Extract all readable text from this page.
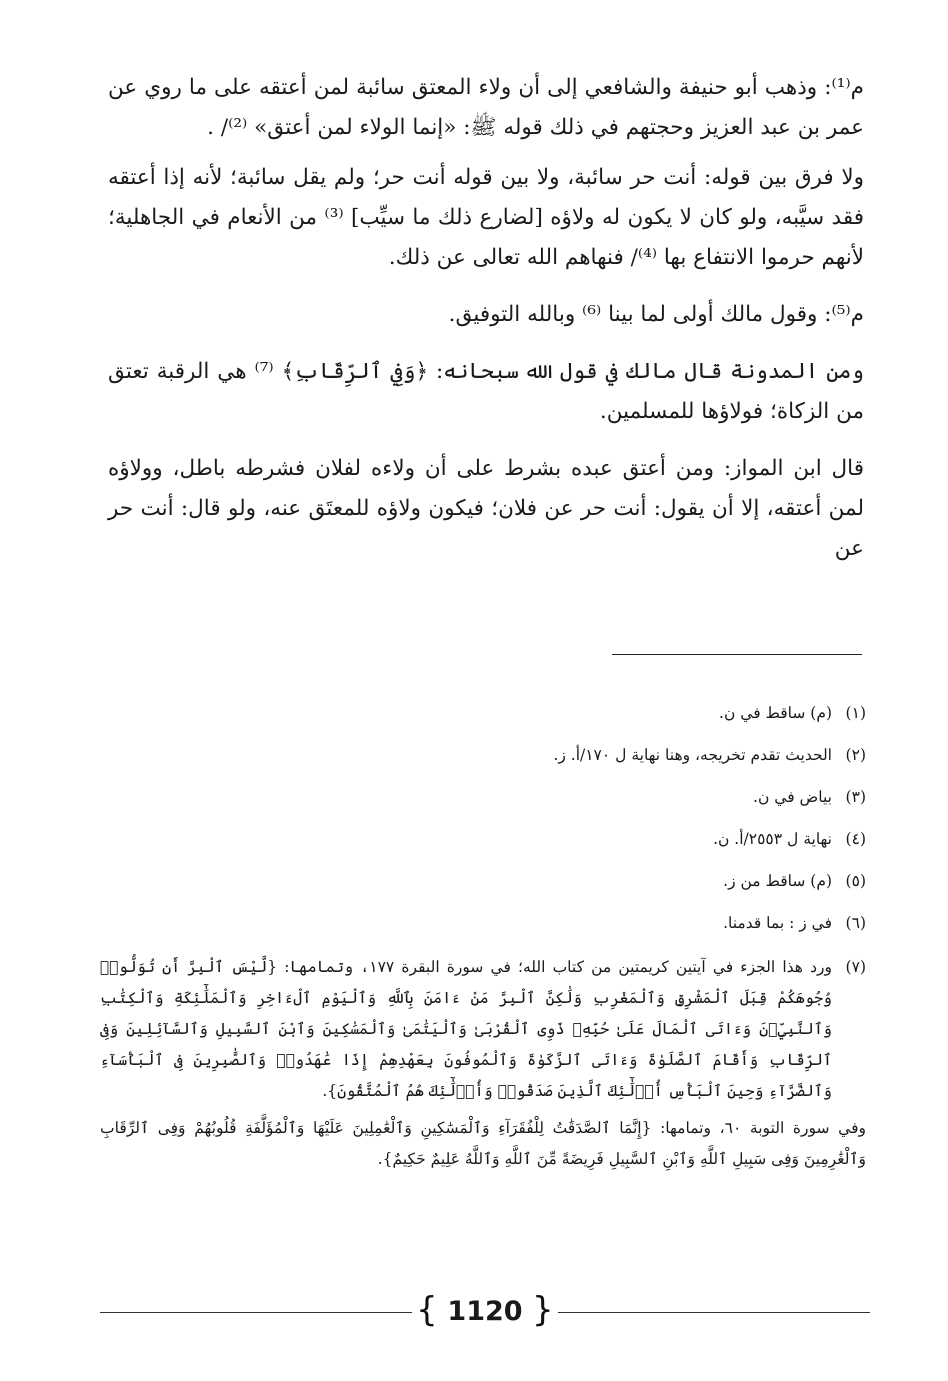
م⁽¹⁾: وذهب أبو حنيفة والشافعي إلى أن ولاء المعتق سائبة لمن أعتقه على ما روي عن عمر بن عبد العزيز وحجتهم في ذلك قوله ﷺ: «إنما الولاء لمن أعتق» ⁽²⁾/ .

ولا فرق بين قوله: أنت حر سائبة، ولا بين قوله أنت حر؛ ولم يقل سائبة؛ لأنه إذا أعتقه فقد سيَّبه، ولو كان لا يكون له ولاؤه [لضارع ذلك ما سيِّب] ⁽³⁾ من الأنعام في الجاهلية؛ لأنهم حرموا الانتفاع بها ⁽⁴⁾/ فنهاهم الله تعالى عن ذلك.

م⁽⁵⁾: وقول مالك أولى لما بينا ⁽⁶⁾ وبالله التوفيق.

ومن المدونة قال مالك في قول الله سبحانه: ﴿وَفِي ٱلرِّقَابِ﴾ ⁽⁷⁾ هي الرقبة تعتق من الزكاة؛ فولاؤها للمسلمين.

قال ابن المواز: ومن أعتق عبده بشرط على أن ولاءه لفلان فشرطه باطل، وولاؤه لمن أعتقه، إلا أن يقول: أنت حر عن فلان؛ فيكون ولاؤه للمعتَق عنه، ولو قال: أنت حر عن

(١)
(م) ساقط في ن.
(٢)
الحديث تقدم تخريجه، وهنا نهاية ل ١٧٠/أ. ز.
(٣)
بياض في ن.
(٤)
نهاية ل ٢٥٥٣/أ. ن.
(٥)
(م) ساقط من ز.
(٦)
في ز : بما قدمنا.
(٧)
ورد هذا الجزء في آيتين كريمتين من كتاب الله؛ في سورة البقرة ١٧٧، وتمامها: {لَّيْسَ ٱلْبِرَّ أَن تُوَلُّوا۟ وُجُوهَكُمْ قِبَلَ ٱلْمَشْرِقِ وَٱلْمَغْرِبِ وَلَٰكِنَّ ٱلْبِرَّ مَنْ ءَامَنَ بِٱللَّهِ وَٱلْيَوْمِ ٱلْءَاخِرِ وَٱلْمَلَٰٓئِكَةِ وَٱلْكِتَٰبِ وَٱلنَّبِيِّۦنَ وَءَاتَى ٱلْمَالَ عَلَىٰ حُبِّهِۦ ذَوِى ٱلْقُرْبَىٰ وَٱلْيَتَٰمَىٰ وَٱلْمَسَٰكِينَ وَٱبْنَ ٱلسَّبِيلِ وَٱلسَّآئِلِينَ وَفِى ٱلرِّقَابِ وَأَقَامَ ٱلصَّلَوٰةَ وَءَاتَى ٱلزَّكَوٰةَ وَٱلْمُوفُونَ بِعَهْدِهِمْ إِذَا عَٰهَدُوا۟ وَٱلصَّٰبِرِينَ فِى ٱلْبَأْسَآءِ وَٱلضَّرَّآءِ وَحِينَ ٱلْبَأْسِ أُو۟لَٰٓئِكَ ٱلَّذِينَ صَدَقُوا۟ وَأُو۟لَٰٓئِكَ هُمُ ٱلْمُتَّقُونَ}.

وفي سورة التوبة ٦٠، وتمامها: {إِنَّمَا ٱلصَّدَقَٰتُ لِلْفُقَرَآءِ وَٱلْمَسَٰكِينِ وَٱلْعَٰمِلِينَ عَلَيْهَا وَٱلْمُؤَلَّفَةِ قُلُوبُهُمْ وَفِى ٱلرِّقَابِ وَٱلْغَٰرِمِينَ وَفِى سَبِيلِ ٱللَّهِ وَٱبْنِ ٱلسَّبِيلِ فَرِيضَةً مِّنَ ٱللَّهِ وَٱللَّهُ عَلِيمٌ حَكِيمٌ}.

{ 1120 }
